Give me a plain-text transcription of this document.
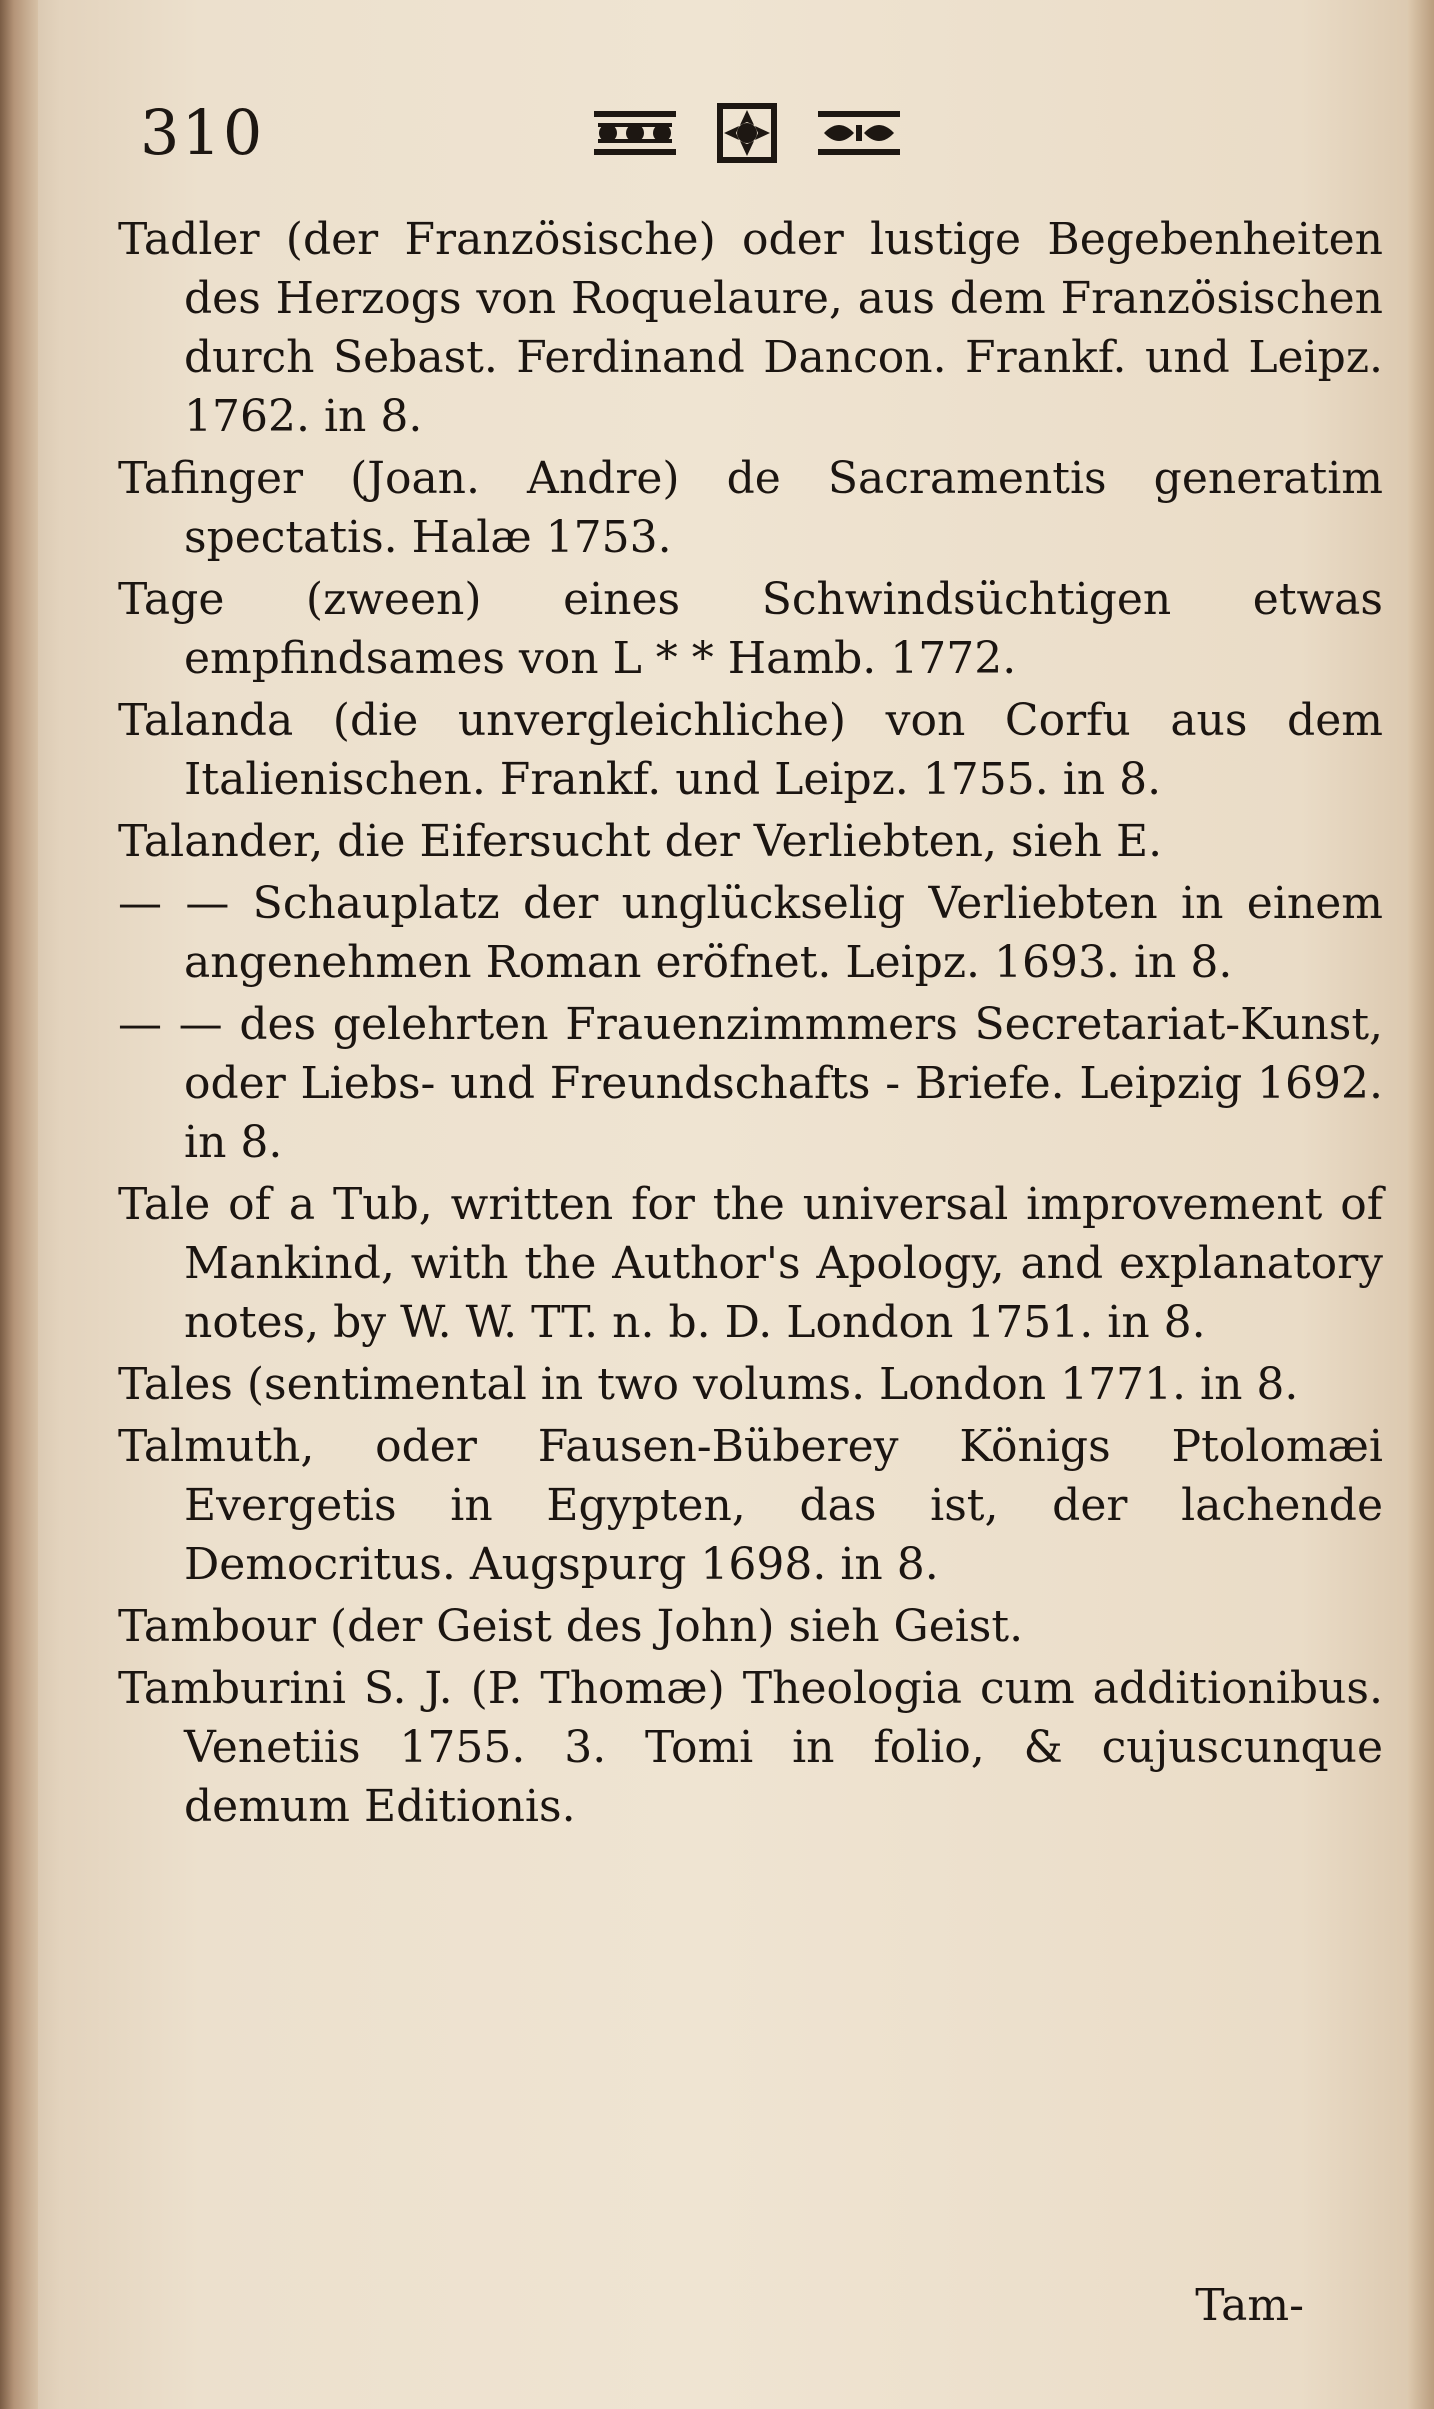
310
Tadler (der Französische) oder lustige Begebenheiten des Herzogs von Roquelaure, aus dem Französischen durch Sebast. Ferdinand Dancon. Frankf. und Leipz. 1762. in 8.
Tafinger (Joan. Andre) de Sacramentis generatim spectatis. Halæ 1753.
Tage (zween) eines Schwindsüchtigen etwas empfindsames von L * * Hamb. 1772.
Talanda (die unvergleichliche) von Corfu aus dem Italienischen. Frankf. und Leipz. 1755. in 8.
Talander, die Eifersucht der Verliebten, sieh E.
— — Schauplatz der unglückselig Verliebten in einem angenehmen Roman eröfnet. Leipz. 1693. in 8.
— — des gelehrten Frauenzimmmers Secretariat-Kunst, oder Liebs- und Freundschafts - Briefe. Leipzig 1692. in 8.
Tale of a Tub, written for the universal improvement of Mankind, with the Author's Apology, and explanatory notes, by W. W. TT. n. b. D. London 1751. in 8.
Tales (sentimental in two volums. London 1771. in 8.
Talmuth, oder Fausen-Büberey Königs Ptolomæi Evergetis in Egypten, das ist, der lachende Democritus. Augspurg 1698. in 8.
Tambour (der Geist des John) sieh Geist.
Tamburini S. J. (P. Thomæ) Theologia cum additionibus. Venetiis 1755. 3. Tomi in folio, & cujuscunque demum Editionis.
Tam-
